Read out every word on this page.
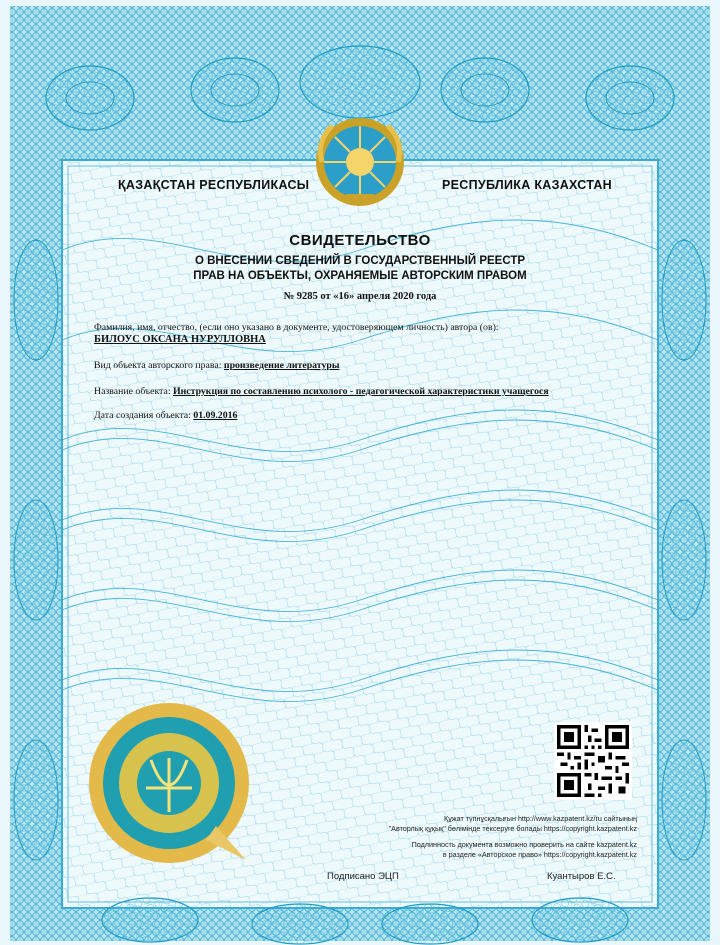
ҚАЗАҚСТАН РЕСПУБЛИКАСЫ	РЕСПУБЛИКА КАЗАХСТАН
СВИДЕТЕЛЬСТВО
О ВНЕСЕНИИ СВЕДЕНИЙ В ГОСУДАРСТВЕННЫЙ РЕЕСТР
ПРАВ НА ОБЪЕКТЫ, ОХРАНЯЕМЫЕ АВТОРСКИМ ПРАВОМ
№ 9285 от «16» апреля 2020 года
Фамилия, имя, отчество, (если оно указано в документе, удостоверяющем личность) автора (ов):
БИЛОУС ОКСАНА НУРУЛЛОВНА
Вид объекта авторского права: произведение литературы
Название объекта: Инструкция по составлению психолого - педагогической характеристики учащегося
Дата создания объекта: 01.09.2016
Құжат түпнұсқалығын http://www.kazpatent.kz/ru сайтының
"Авторлық құқық" бөлімінде тексеруге болады https://copyright.kazpatent.kz
Подлинность документа возможно проверить на сайте kazpatent.kz
в разделе «Авторское право» https://copyright.kazpatent.kz
Подписано ЭЦП	Куантыров Е.С.
